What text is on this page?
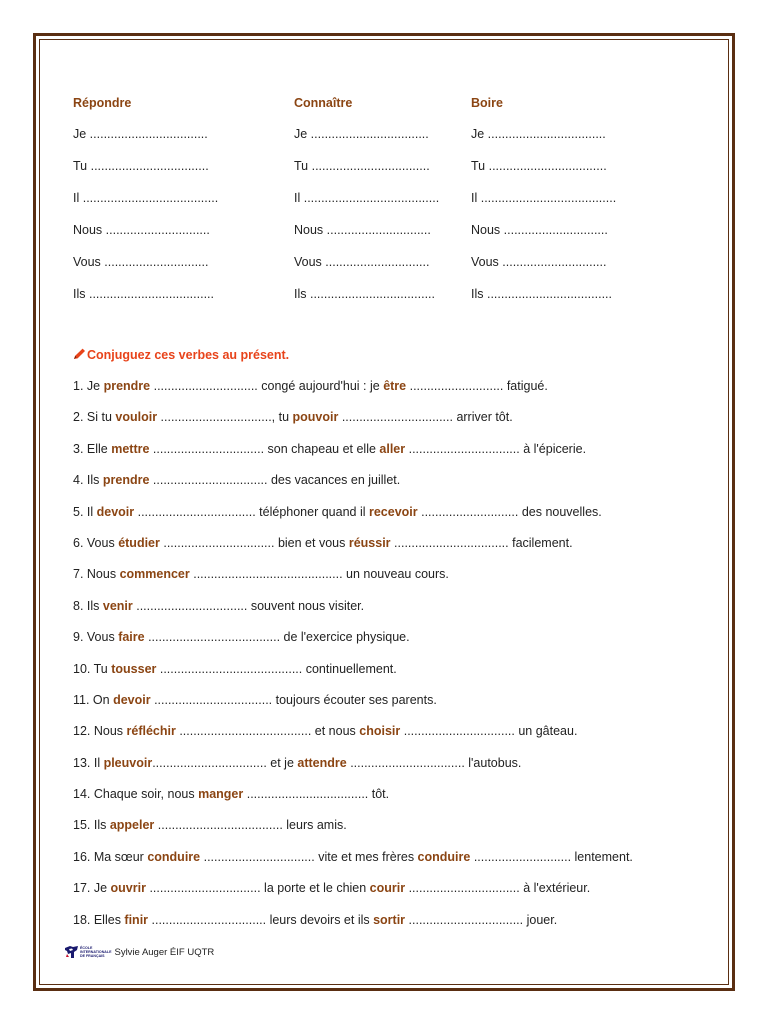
Répondre
Je ..................................
Tu ..................................
Il .......................................
Nous ..............................
Vous ..............................
Ils ....................................
Connaître
Je ..................................
Tu ..................................
Il .......................................
Nous ..............................
Vous ..............................
Ils ....................................
Boire
Je ..................................
Tu ..................................
Il .......................................
Nous ..............................
Vous ..............................
Ils ....................................
Conjuguez ces verbes au présent.
1. Je prendre .............................. congé aujourd'hui : je être ........................... fatigué.
2. Si tu vouloir ................................, tu pouvoir ................................ arriver tôt.
3. Elle mettre ................................ son chapeau et elle aller ................................ à l'épicerie.
4. Ils prendre ................................. des vacances en juillet.
5. Il devoir .................................. téléphoner quand il recevoir ............................ des nouvelles.
6. Vous étudier ................................ bien et vous réussir ................................. facilement.
7. Nous commencer ........................................... un nouveau cours.
8. Ils venir ................................ souvent nous visiter.
9. Vous faire ...................................... de l'exercice physique.
10. Tu tousser ......................................... continuellement.
11. On devoir .................................. toujours écouter ses parents.
12. Nous réfléchir ...................................... et nous choisir ................................ un gâteau.
13. Il pleuvoir................................. et je attendre ................................. l'autobus.
14. Chaque soir, nous manger ................................... tôt.
15. Ils appeler .................................... leurs amis.
16. Ma sœur conduire ................................ vite et mes frères conduire ............................ lentement.
17. Je ouvrir ................................ la porte et le chien courir ................................ à l'extérieur.
18. Elles finir ................................. leurs devoirs et ils sortir ................................. jouer.
ÉCOLE
INTERNATIONALE
DE FRANÇAIS	Sylvie Auger ÉIF UQTR
